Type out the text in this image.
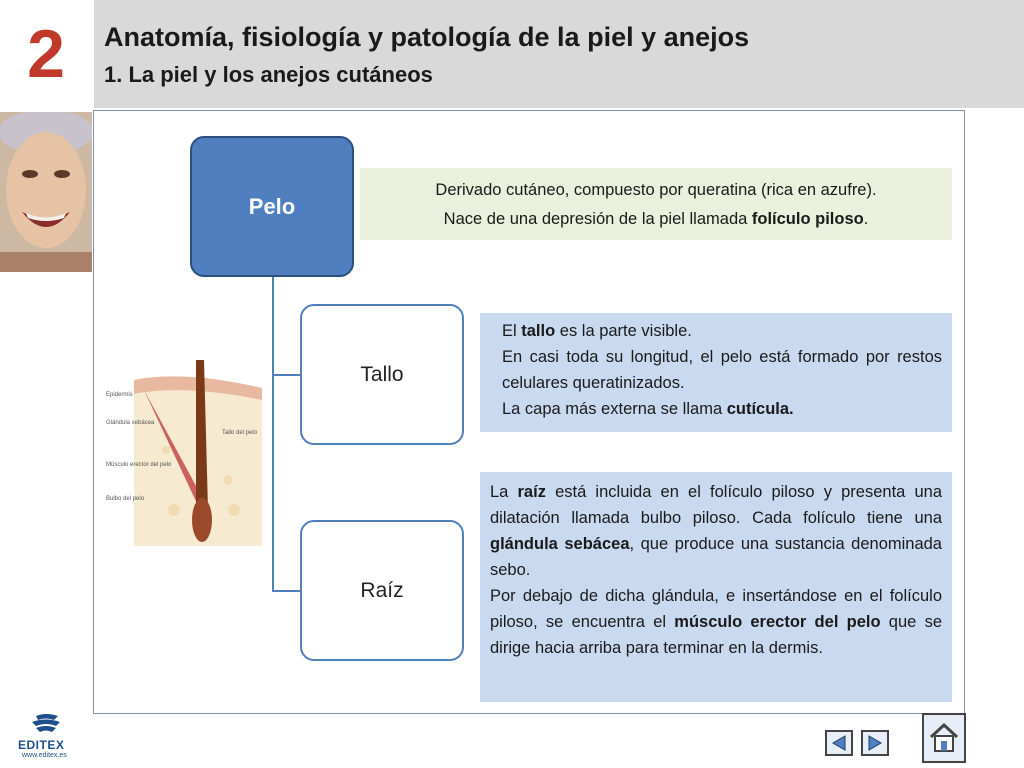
2	Anatomía, fisiología y patología de la piel y anejos
1. La piel y los anejos cutáneos
Pelo
Tallo
Raíz

Derivado cutáneo, compuesto por queratina (rica en azufre).

Nace de una depresión de la piel llamada folículo piloso.

El tallo es la parte visible.

En casi toda su longitud, el pelo está formado por restos celulares queratinizados.

La capa más externa se llama cutícula.

La raíz está incluida en el folículo piloso y presenta una dilatación llamada bulbo piloso. Cada folículo tiene una glándula sebácea, que produce una sustancia denominada sebo.

Por debajo de dicha glándula, e insertándose en el folículo piloso, se encuentra el músculo erector del pelo que se dirige hacia arriba para terminar en la dermis.

Epidermis
Glándula sebácea
Tallo del pelo
Músculo erector del pelo
Bulbo del pelo
EDITEX
www.editex.es
